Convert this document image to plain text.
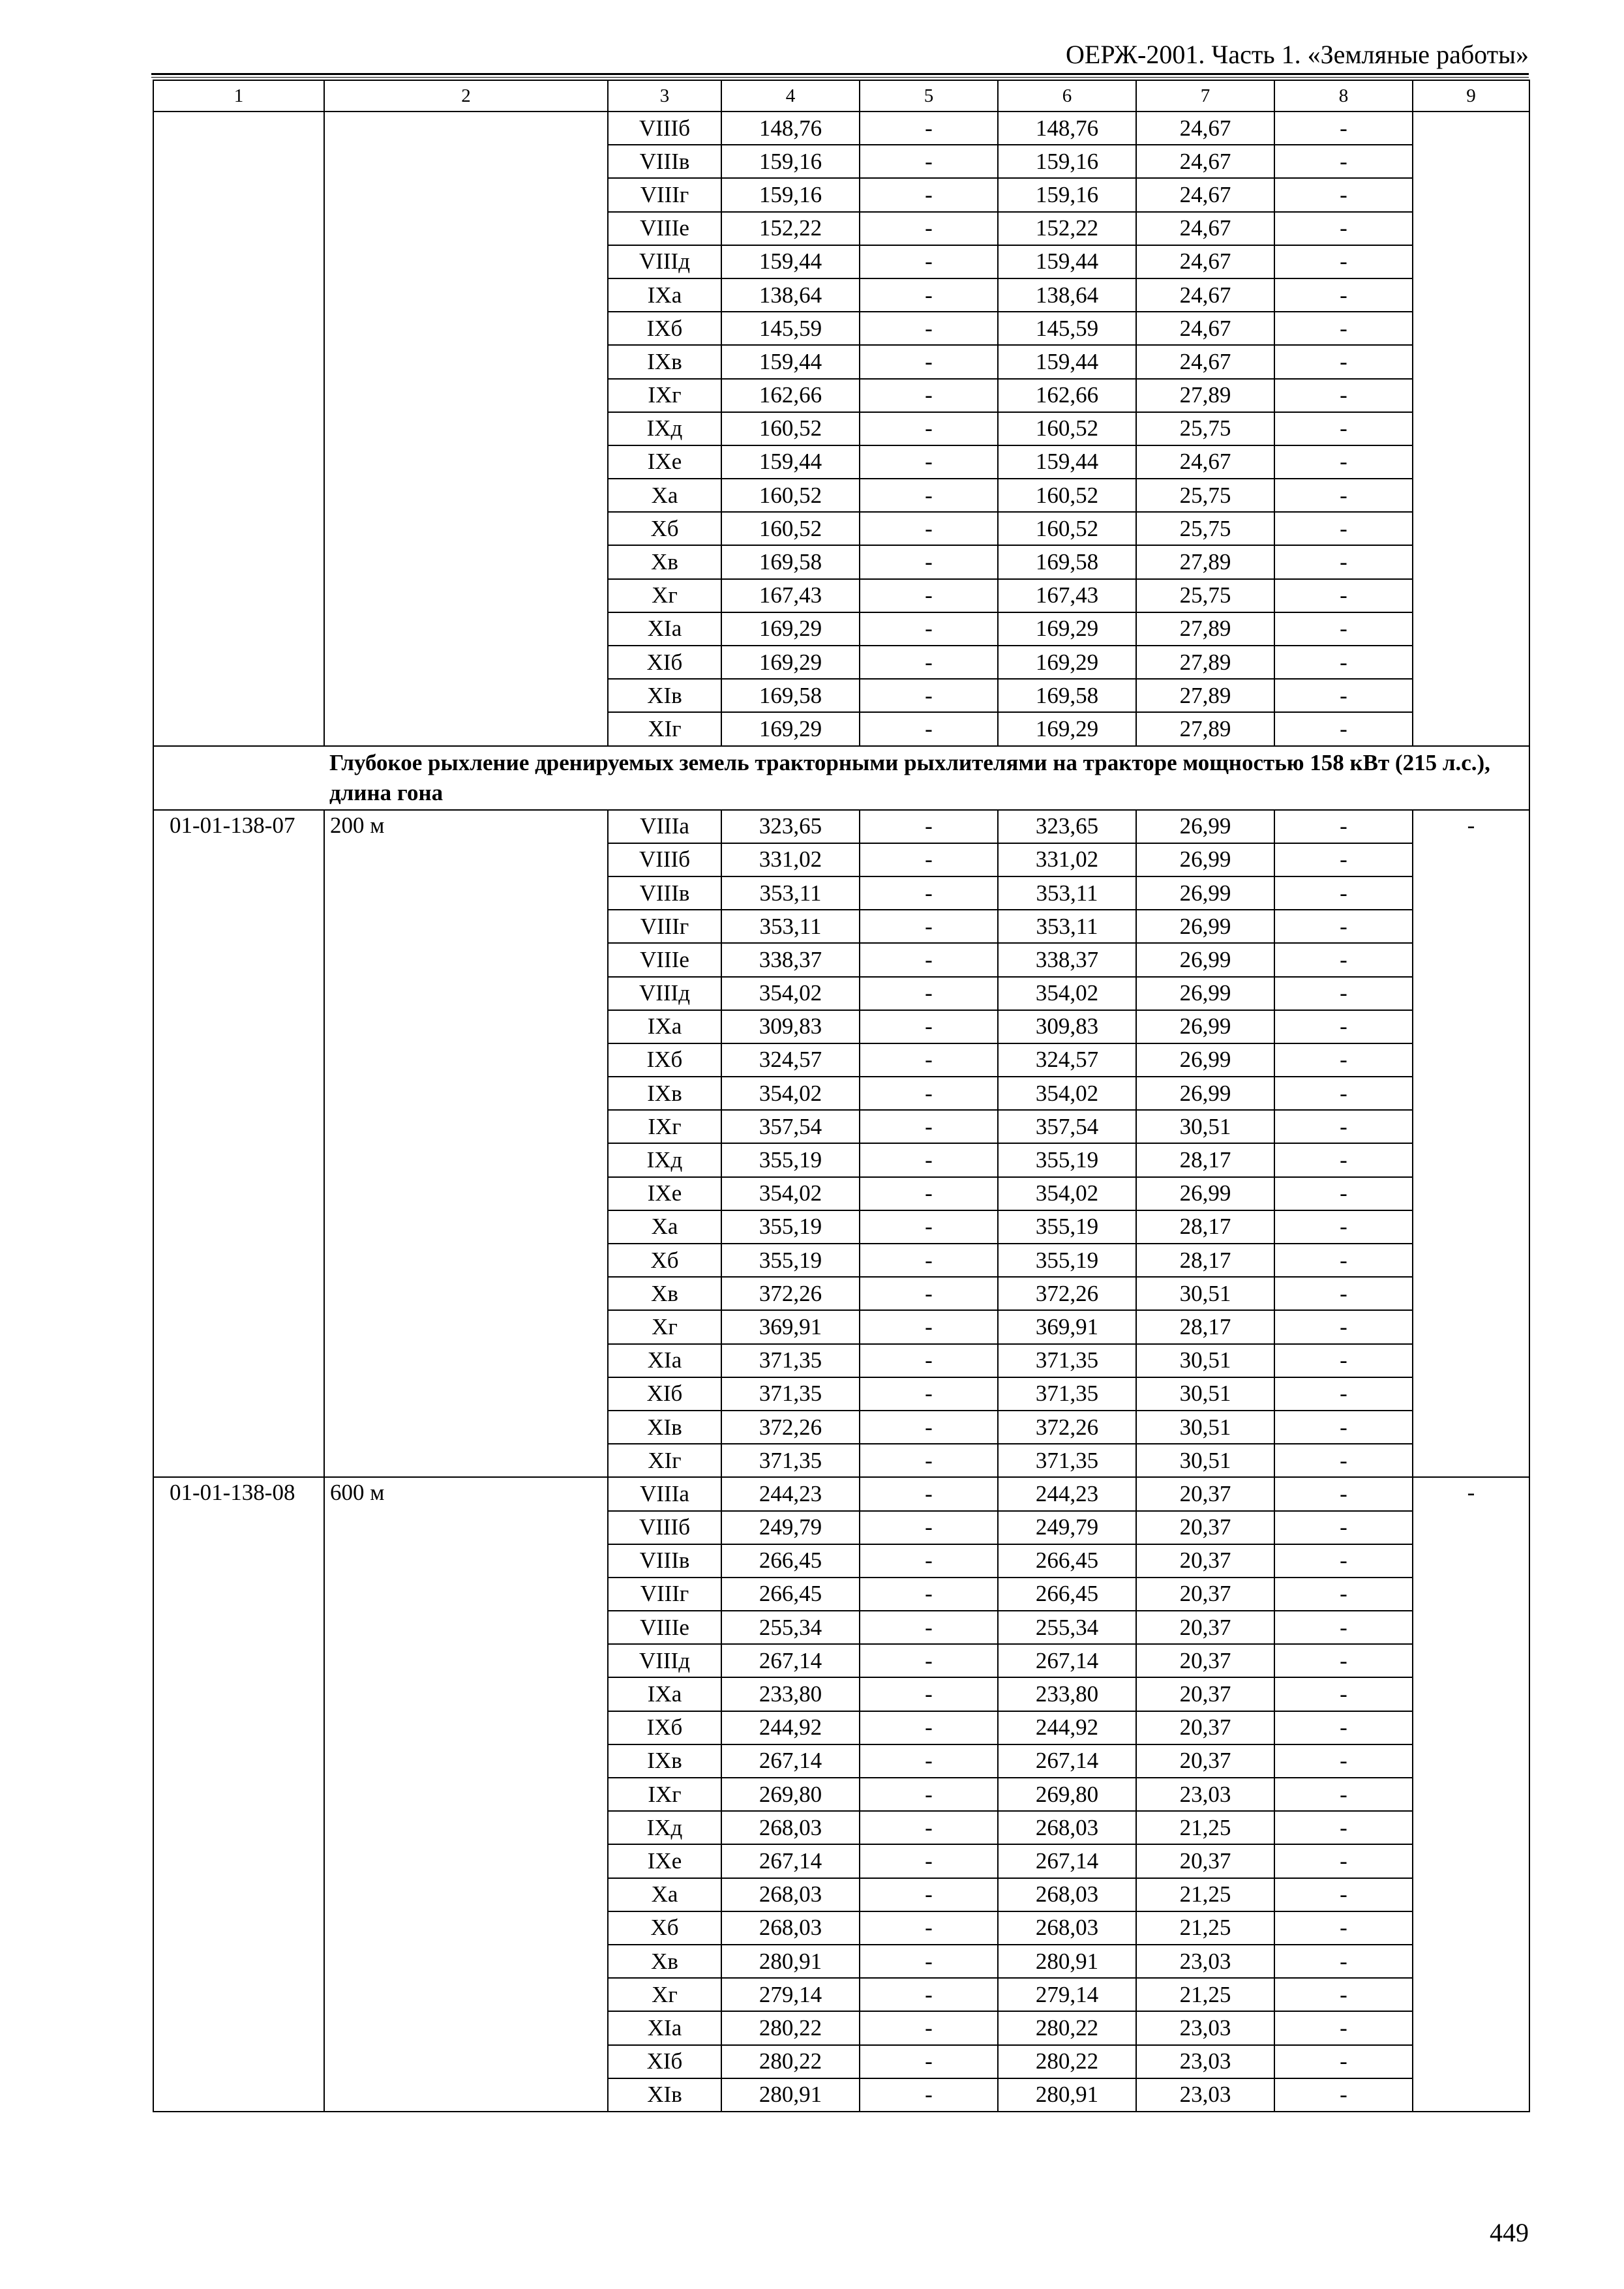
ОЕРЖ-2001. Часть 1. «Земляные работы»
1	2	3	4	5	6	7	8	9
		VIIIб	148,76	-	148,76	24,67	-	
		VIIIв	159,16	-	159,16	24,67	-	
		VIIIг	159,16	-	159,16	24,67	-	
		VIIIе	152,22	-	152,22	24,67	-	
		VIIIд	159,44	-	159,44	24,67	-	
		IXа	138,64	-	138,64	24,67	-	
		IXб	145,59	-	145,59	24,67	-	
		IXв	159,44	-	159,44	24,67	-	
		IXг	162,66	-	162,66	27,89	-	
		IXд	160,52	-	160,52	25,75	-	
		IXе	159,44	-	159,44	24,67	-	
		Xа	160,52	-	160,52	25,75	-	
		Xб	160,52	-	160,52	25,75	-	
		Xв	169,58	-	169,58	27,89	-	
		Xг	167,43	-	167,43	25,75	-	
		XIа	169,29	-	169,29	27,89	-	
		XIб	169,29	-	169,29	27,89	-	
		XIв	169,58	-	169,58	27,89	-	
		XIг	169,29	-	169,29	27,89	-	
	Глубокое рыхление дренируемых земель тракторными рыхлителями на тракторе мощностью 158 кВт (215 л.с.), длина гона							
01-01-138-07	200 м	VIIIа	323,65	-	323,65	26,99	-	-
		VIIIб	331,02	-	331,02	26,99	-	
		VIIIв	353,11	-	353,11	26,99	-	
		VIIIг	353,11	-	353,11	26,99	-	
		VIIIе	338,37	-	338,37	26,99	-	
		VIIIд	354,02	-	354,02	26,99	-	
		IXа	309,83	-	309,83	26,99	-	
		IXб	324,57	-	324,57	26,99	-	
		IXв	354,02	-	354,02	26,99	-	
		IXг	357,54	-	357,54	30,51	-	
		IXд	355,19	-	355,19	28,17	-	
		IXе	354,02	-	354,02	26,99	-	
		Xа	355,19	-	355,19	28,17	-	
		Xб	355,19	-	355,19	28,17	-	
		Xв	372,26	-	372,26	30,51	-	
		Xг	369,91	-	369,91	28,17	-	
		XIа	371,35	-	371,35	30,51	-	
		XIб	371,35	-	371,35	30,51	-	
		XIв	372,26	-	372,26	30,51	-	
		XIг	371,35	-	371,35	30,51	-	
01-01-138-08	600 м	VIIIа	244,23	-	244,23	20,37	-	-
		VIIIб	249,79	-	249,79	20,37	-	
		VIIIв	266,45	-	266,45	20,37	-	
		VIIIг	266,45	-	266,45	20,37	-	
		VIIIе	255,34	-	255,34	20,37	-	
		VIIIд	267,14	-	267,14	20,37	-	
		IXа	233,80	-	233,80	20,37	-	
		IXб	244,92	-	244,92	20,37	-	
		IXв	267,14	-	267,14	20,37	-	
		IXг	269,80	-	269,80	23,03	-	
		IXд	268,03	-	268,03	21,25	-	
		IXе	267,14	-	267,14	20,37	-	
		Xа	268,03	-	268,03	21,25	-	
		Xб	268,03	-	268,03	21,25	-	
		Xв	280,91	-	280,91	23,03	-	
		Xг	279,14	-	279,14	21,25	-	
		XIа	280,22	-	280,22	23,03	-	
		XIб	280,22	-	280,22	23,03	-	
		XIв	280,91	-	280,91	23,03	-	
449
